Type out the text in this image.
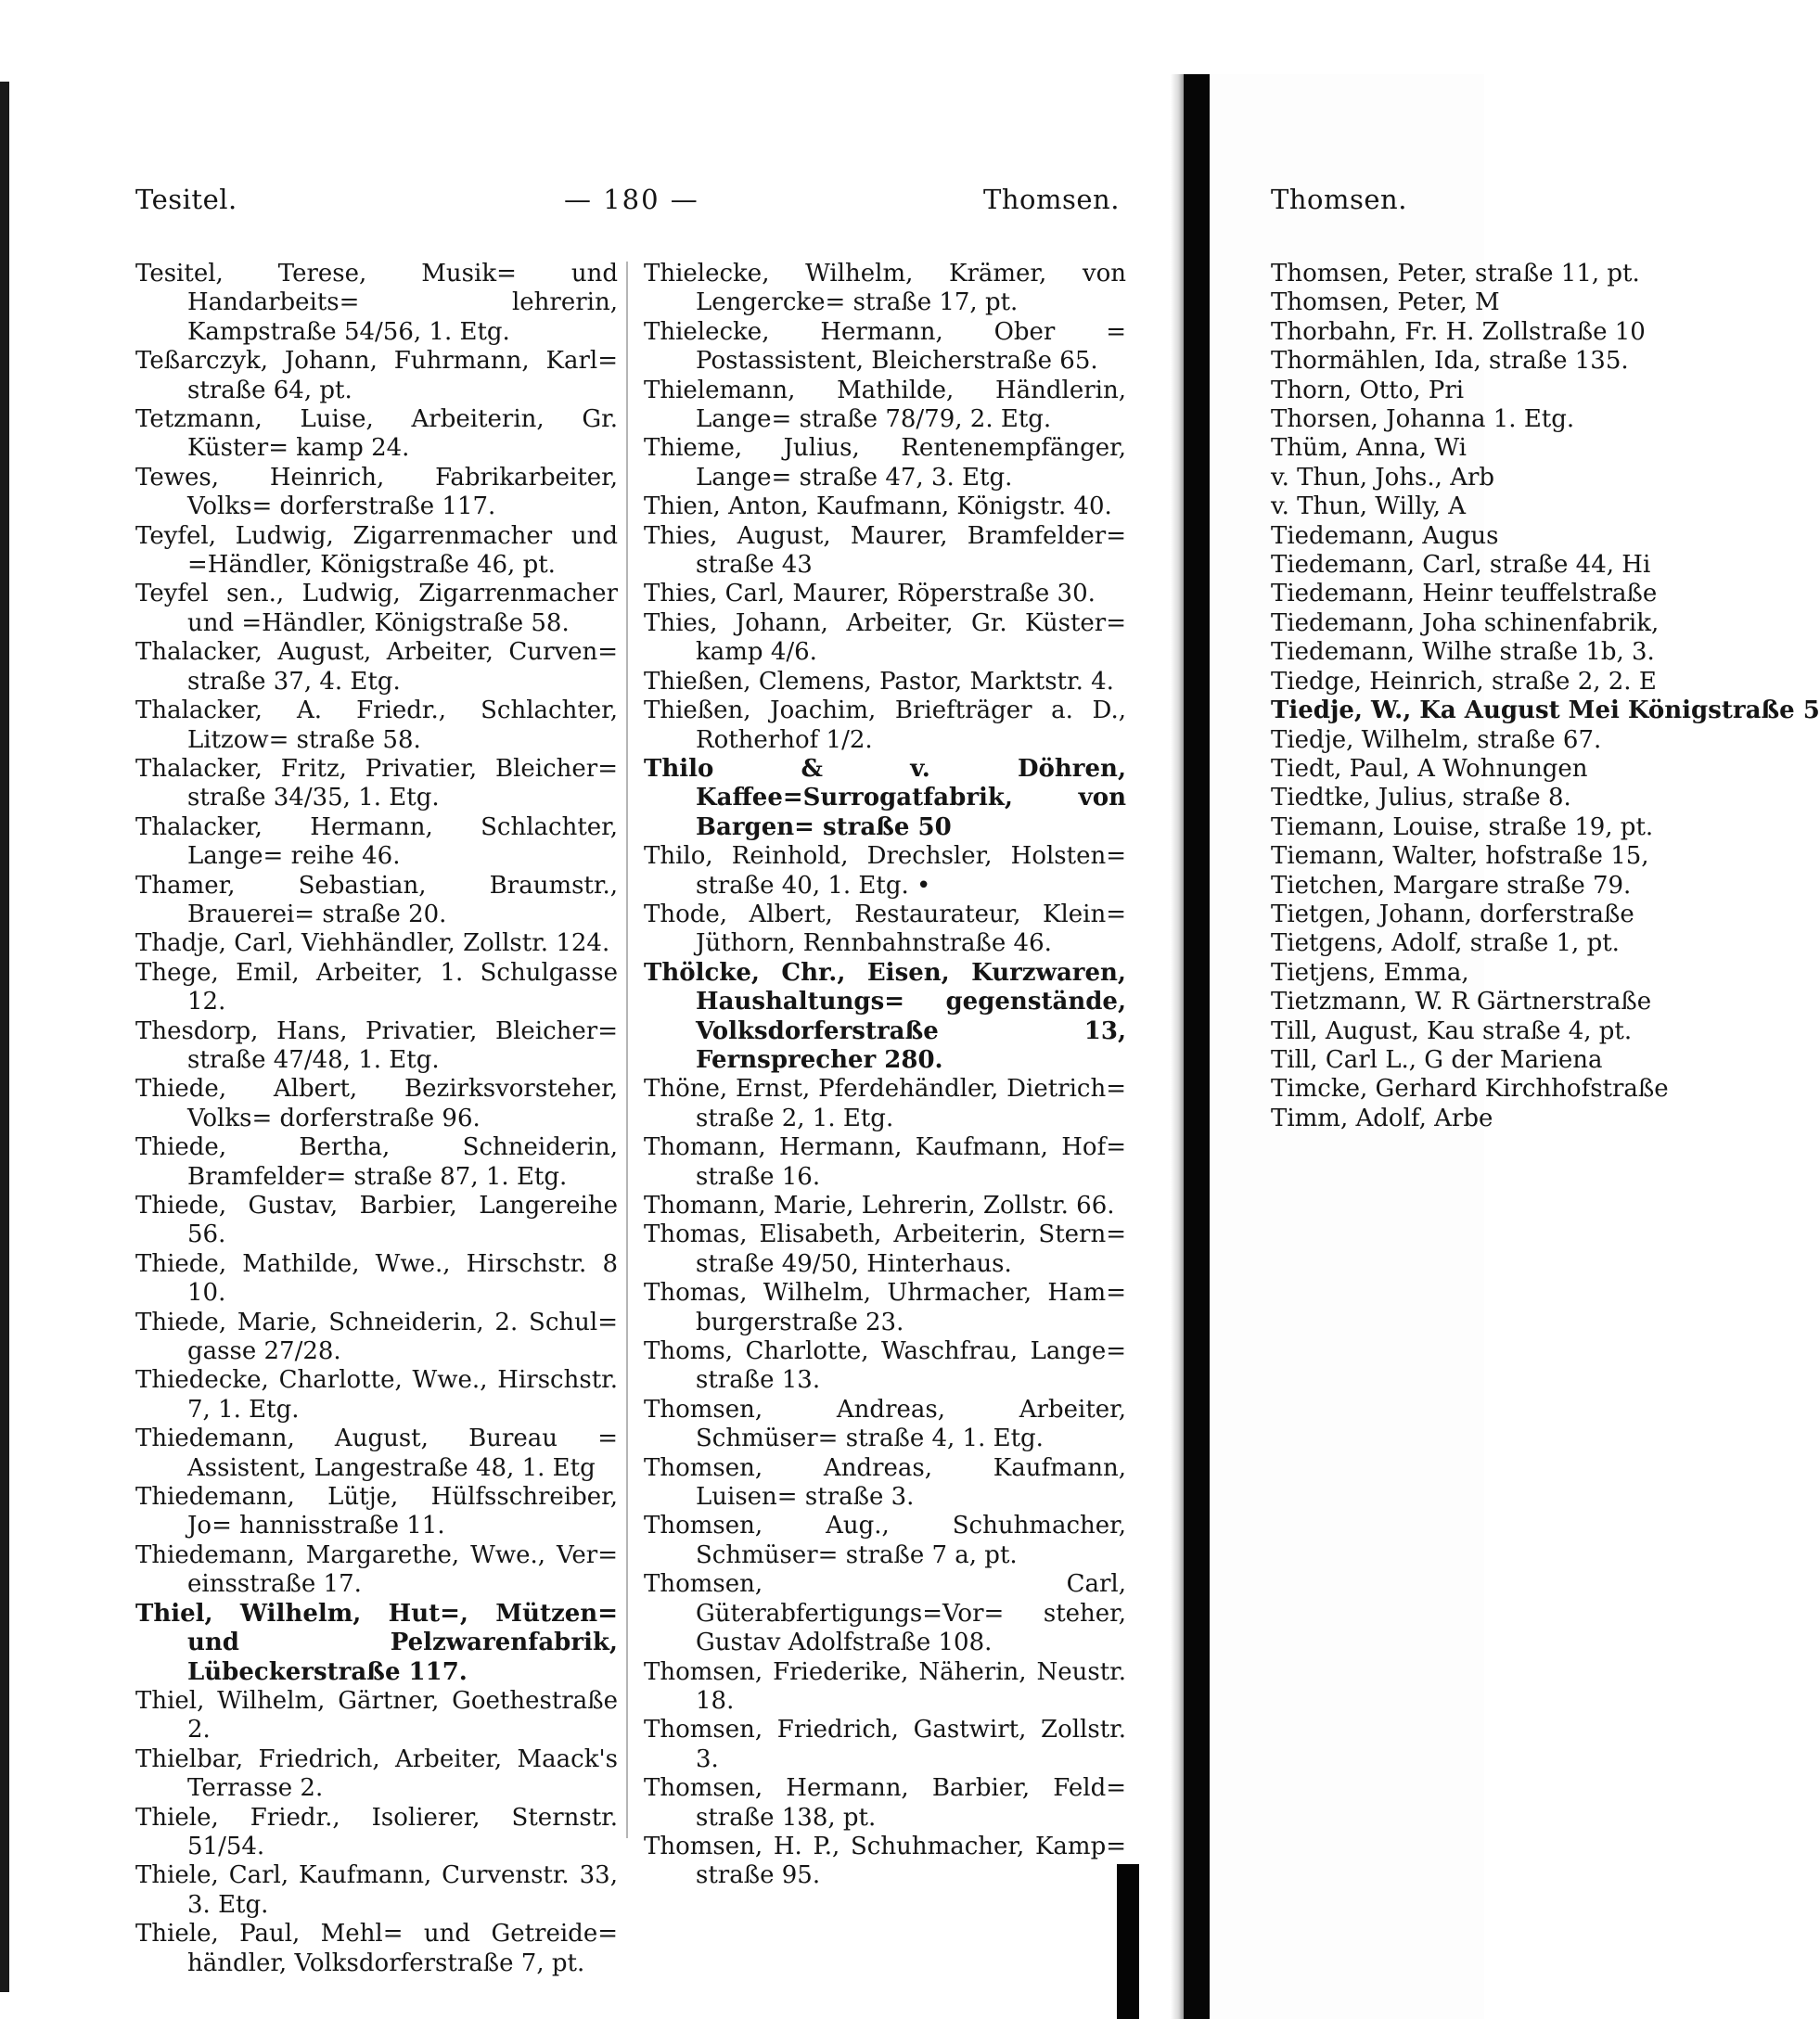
Tesitel.	— 180 —	Thomsen.

Tesitel, Terese, Musik= und Handarbeits= lehrerin, Kampstraße 54/56, 1. Etg.

Teßarczyk, Johann, Fuhrmann, Karl= straße 64, pt.

Tetzmann, Luise, Arbeiterin, Gr. Küster= kamp 24.

Tewes, Heinrich, Fabrikarbeiter, Volks= dorferstraße 117.

Teyfel, Ludwig, Zigarrenmacher und =Händler, Königstraße 46, pt.

Teyfel sen., Ludwig, Zigarrenmacher und =Händler, Königstraße 58.

Thalacker, August, Arbeiter, Curven= straße 37, 4. Etg.

Thalacker, A. Friedr., Schlachter, Litzow= straße 58.

Thalacker, Fritz, Privatier, Bleicher= straße 34/35, 1. Etg.

Thalacker, Hermann, Schlachter, Lange= reihe 46.

Thamer, Sebastian, Braumstr., Brauerei= straße 20.

Thadje, Carl, Viehhändler, Zollstr. 124.

Thege, Emil, Arbeiter, 1. Schulgasse 12.

Thesdorp, Hans, Privatier, Bleicher= straße 47/48, 1. Etg.

Thiede, Albert, Bezirksvorsteher, Volks= dorferstraße 96.

Thiede, Bertha, Schneiderin, Bramfelder= straße 87, 1. Etg.

Thiede, Gustav, Barbier, Langereihe 56.

Thiede, Mathilde, Wwe., Hirschstr. 8 10.

Thiede, Marie, Schneiderin, 2. Schul= gasse 27/28.

Thiedecke, Charlotte, Wwe., Hirschstr. 7, 1. Etg.

Thiedemann, August, Bureau = Assistent, Langestraße 48, 1. Etg

Thiedemann, Lütje, Hülfsschreiber, Jo= hannisstraße 11.

Thiedemann, Margarethe, Wwe., Ver= einsstraße 17.

Thiel, Wilhelm, Hut=, Mützen= und Pelzwarenfabrik, Lübeckerstraße 117.

Thiel, Wilhelm, Gärtner, Goethestraße 2.

Thielbar, Friedrich, Arbeiter, Maack's Terrasse 2.

Thiele, Friedr., Isolierer, Sternstr. 51/54.

Thiele, Carl, Kaufmann, Curvenstr. 33, 3. Etg.

Thiele, Paul, Mehl= und Getreide= händler, Volksdorferstraße 7, pt.

Thielecke, Wilhelm, Krämer, von Lengercke= straße 17, pt.

Thielecke, Hermann, Ober = Postassistent, Bleicherstraße 65.

Thielemann, Mathilde, Händlerin, Lange= straße 78/79, 2. Etg.

Thieme, Julius, Rentenempfänger, Lange= straße 47, 3. Etg.

Thien, Anton, Kaufmann, Königstr. 40.

Thies, August, Maurer, Bramfelder= straße 43

Thies, Carl, Maurer, Röperstraße 30.

Thies, Johann, Arbeiter, Gr. Küster= kamp 4/6.

Thießen, Clemens, Pastor, Marktstr. 4.

Thießen, Joachim, Briefträger a. D., Rotherhof 1/2.

Thilo & v. Döhren, Kaffee=Surrogatfabrik, von Bargen= straße 50

Thilo, Reinhold, Drechsler, Holsten= straße 40, 1. Etg. •

Thode, Albert, Restaurateur, Klein= Jüthorn, Rennbahnstraße 46.

Thölcke, Chr., Eisen, Kurzwaren, Haushaltungs= gegenstände, Volksdorferstraße 13, Fernsprecher 280.

Thöne, Ernst, Pferdehändler, Dietrich= straße 2, 1. Etg.

Thomann, Hermann, Kaufmann, Hof= straße 16.

Thomann, Marie, Lehrerin, Zollstr. 66.

Thomas, Elisabeth, Arbeiterin, Stern= straße 49/50, Hinterhaus.

Thomas, Wilhelm, Uhrmacher, Ham= burgerstraße 23.

Thoms, Charlotte, Waschfrau, Lange= straße 13.

Thomsen, Andreas, Arbeiter, Schmüser= straße 4, 1. Etg.

Thomsen, Andreas, Kaufmann, Luisen= straße 3.

Thomsen, Aug., Schuhmacher, Schmüser= straße 7 a, pt.

Thomsen, Carl, Güterabfertigungs=Vor= steher, Gustav Adolfstraße 108.

Thomsen, Friederike, Näherin, Neustr. 18.

Thomsen, Friedrich, Gastwirt, Zollstr. 3.

Thomsen, Hermann, Barbier, Feld= straße 138, pt.

Thomsen, H. P., Schuhmacher, Kamp= straße 95.

Thomsen.

Thomsen, Peter, straße 11, pt.

Thomsen, Peter, M

Thorbahn, Fr. H. Zollstraße 10

Thormählen, Ida, straße 135.

Thorn, Otto, Pri

Thorsen, Johanna 1. Etg.

Thüm, Anna, Wi

v. Thun, Johs., Arb

v. Thun, Willy, A

Tiedemann, Augus

Tiedemann, Carl, straße 44, Hi

Tiedemann, Heinr teuffelstraße

Tiedemann, Joha schinenfabrik,

Tiedemann, Wilhe straße 1b, 3.

Tiedge, Heinrich, straße 2, 2. E

Tiedje, W., Ka August Mei Königstraße 5

Tiedje, Wilhelm, straße 67.

Tiedt, Paul, A Wohnungen

Tiedtke, Julius, straße 8.

Tiemann, Louise, straße 19, pt.

Tiemann, Walter, hofstraße 15,

Tietchen, Margare straße 79.

Tietgen, Johann, dorferstraße

Tietgens, Adolf, straße 1, pt.

Tietjens, Emma,

Tietzmann, W. R Gärtnerstraße

Till, August, Kau straße 4, pt.

Till, Carl L., G der Mariena

Timcke, Gerhard Kirchhofstraße

Timm, Adolf, Arbe
